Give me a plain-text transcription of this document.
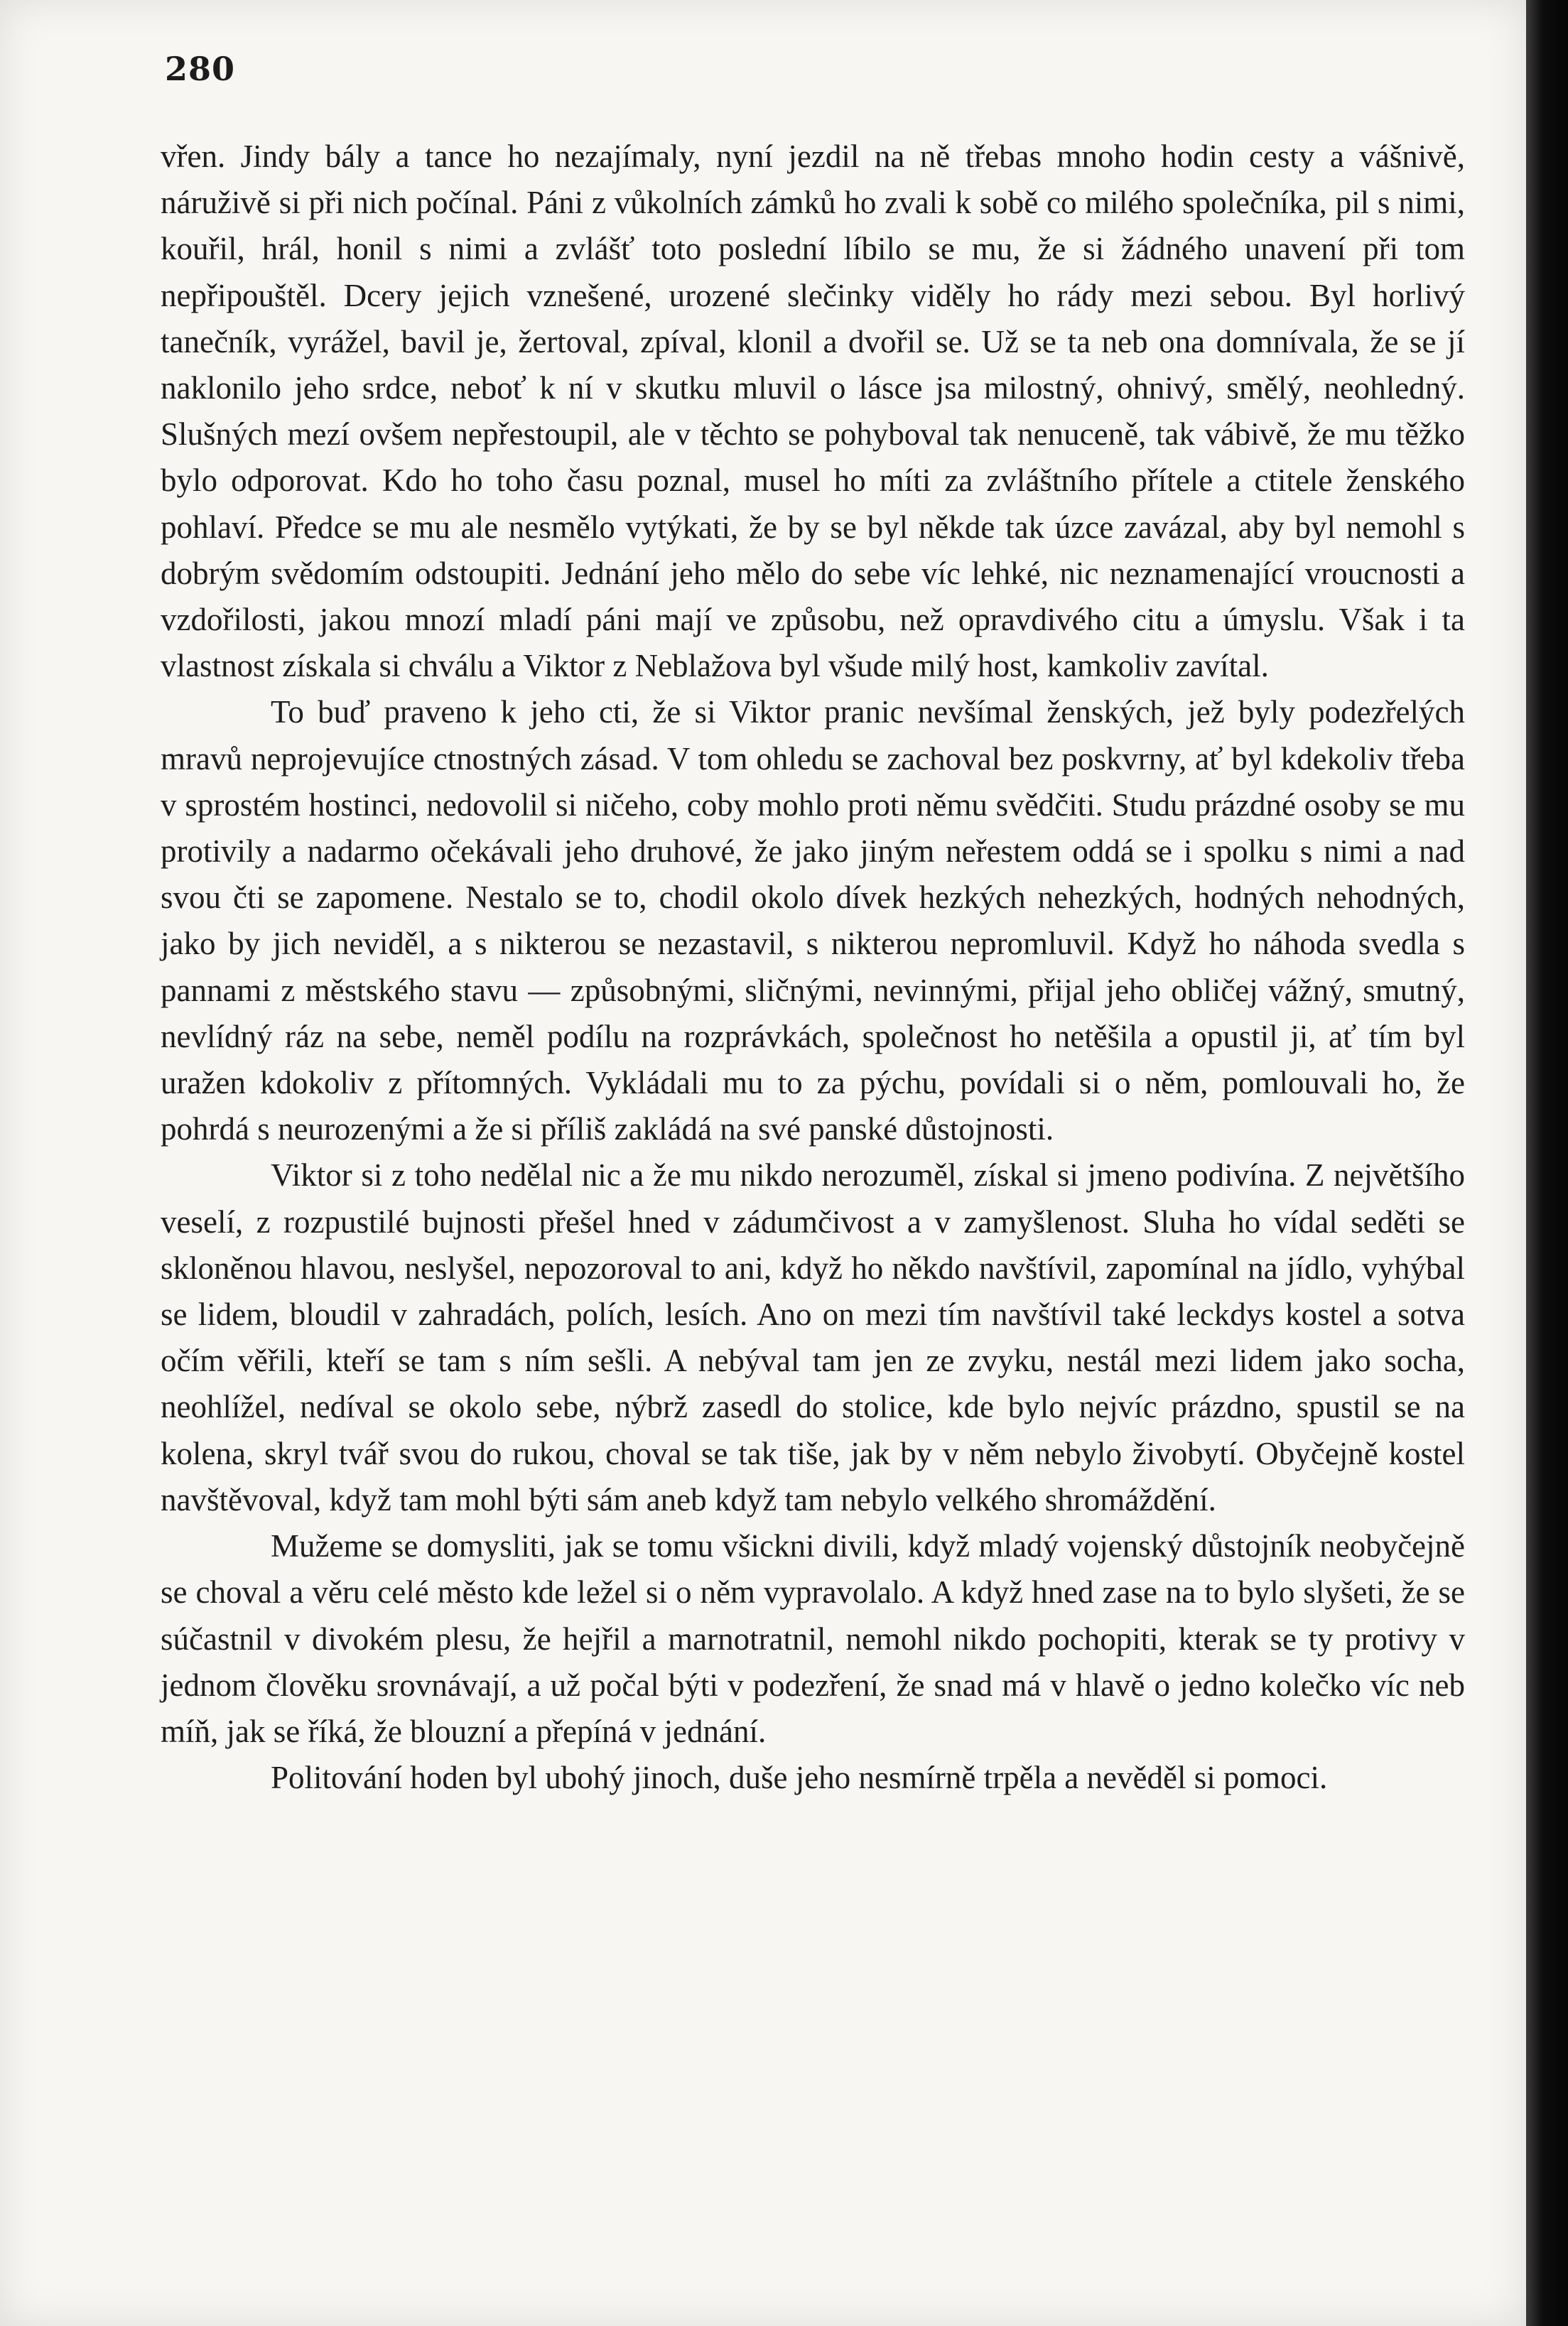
280

vřen. Jindy bály a tance ho nezajímaly, nyní jezdil na ně třebas mnoho hodin cesty a vášnivě, náruživě si při nich počínal. Páni z vůkolních zámků ho zvali k sobě co milého společníka, pil s nimi, kouřil, hrál, honil s nimi a zvlášť toto poslední líbilo se mu, že si žádného unavení při tom nepřipouštěl. Dcery jejich vznešené, urozené slečinky viděly ho rády mezi sebou. Byl horlivý tanečník, vyrážel, bavil je, žertoval, zpíval, klonil a dvořil se. Už se ta neb ona domnívala, že se jí naklonilo jeho srdce, neboť k ní v skutku mluvil o lásce jsa milostný, ohnivý, smělý, neohledný. Slušných mezí ovšem nepřestoupil, ale v těchto se pohyboval tak nenuceně, tak vábivě, že mu těžko bylo odporovat. Kdo ho toho času poznal, musel ho míti za zvláštního přítele a ctitele ženského pohlaví. Předce se mu ale nesmělo vytýkati, že by se byl někde tak úzce zavázal, aby byl nemohl s dobrým svědomím odstoupiti. Jednání jeho mělo do sebe víc lehké, nic neznamenající vroucnosti a vzdořilosti, jakou mnozí mladí páni mají ve způsobu, než opravdivého citu a úmyslu. Však i ta vlastnost získala si chválu a Viktor z Neblažova byl všude milý host, kamkoliv zavítal.

To buď praveno k jeho cti, že si Viktor pranic nevšímal ženských, jež byly podezřelých mravů neprojevujíce ctnostných zásad. V tom ohledu se zachoval bez poskvrny, ať byl kdekoliv třeba v sprostém hostinci, nedovolil si ničeho, coby mohlo proti němu svědčiti. Studu prázdné osoby se mu protivily a nadarmo očekávali jeho druhové, že jako jiným neřestem oddá se i spolku s nimi a nad svou čti se zapomene. Nestalo se to, chodil okolo dívek hezkých nehezkých, hodných nehodných, jako by jich neviděl, a s nikterou se nezastavil, s nikterou nepromluvil. Když ho náhoda svedla s pannami z městského stavu — způsobnými, sličnými, nevinnými, přijal jeho obličej vážný, smutný, nevlídný ráz na sebe, neměl podílu na rozprávkách, společnost ho netěšila a opustil ji, ať tím byl uražen kdokoliv z přítomných. Vykládali mu to za pýchu, povídali si o něm, pomlouvali ho, že pohrdá s neurozenými a že si příliš zakládá na své panské důstojnosti.

Viktor si z toho nedělal nic a že mu nikdo nerozuměl, získal si jmeno podivína. Z největšího veselí, z rozpustilé bujnosti přešel hned v zádumčivost a v zamyšlenost. Sluha ho vídal seděti se skloněnou hlavou, neslyšel, nepozoroval to ani, když ho někdo navštívil, zapomínal na jídlo, vyhýbal se lidem, bloudil v zahradách, polích, lesích. Ano on mezi tím navštívil také leckdys kostel a sotva očím věřili, kteří se tam s ním sešli. A nebýval tam jen ze zvyku, nestál mezi lidem jako socha, neohlížel, nedíval se okolo sebe, nýbrž zasedl do stolice, kde bylo nejvíc prázdno, spustil se na kolena, skryl tvář svou do rukou, choval se tak tiše, jak by v něm nebylo živobytí. Obyčejně kostel navštěvoval, když tam mohl býti sám aneb když tam nebylo velkého shromáždění.

Mužeme se domysliti, jak se tomu všickni divili, když mladý vojenský důstojník neobyčejně se choval a věru celé město kde ležel si o něm vypravolalo. A když hned zase na to bylo slyšeti, že se súčastnil v divokém plesu, že hejřil a marnotratnil, nemohl nikdo pochopiti, kterak se ty protivy v jednom člověku srovnávají, a už počal býti v podezření, že snad má v hlavě o jedno kolečko víc neb míň, jak se říká, že blouzní a přepíná v jednání.

Politování hoden byl ubohý jinoch, duše jeho nesmírně trpěla a nevěděl si pomoci.
